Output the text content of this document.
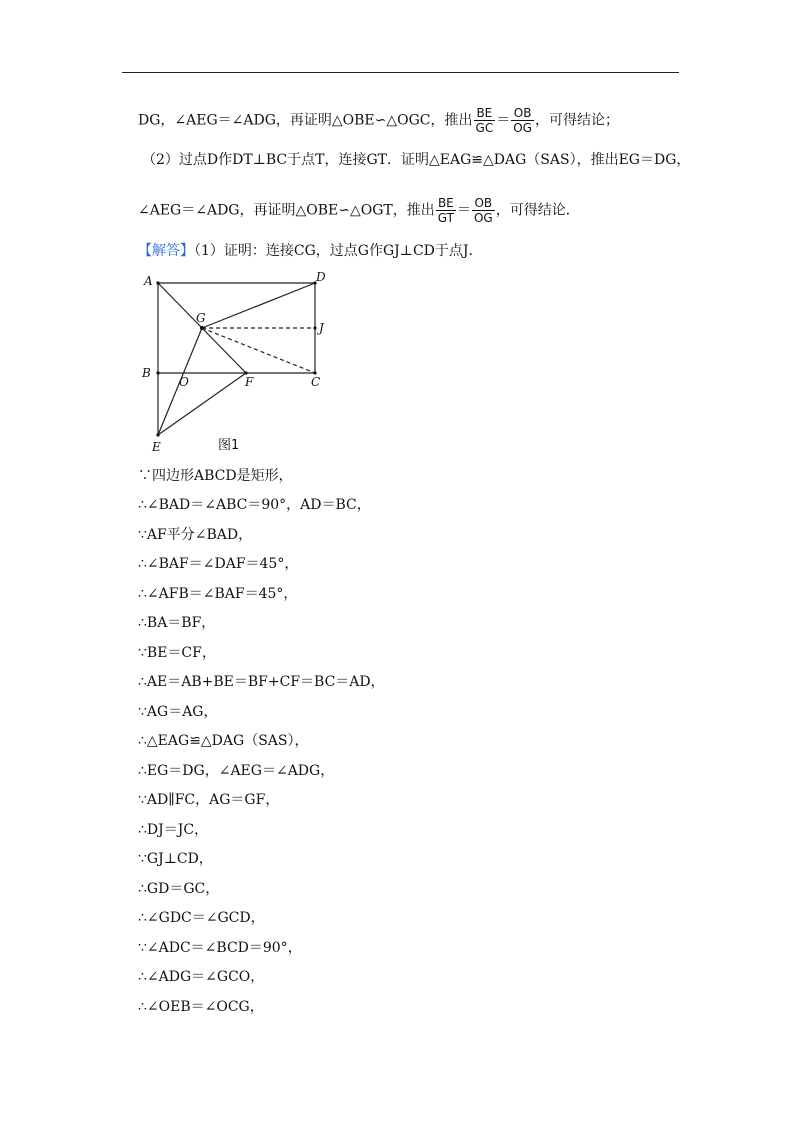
DG，∠AEG＝∠ADG，再证明△OBE∽△OGC，推出 $\frac{BE}{GC} = \frac{OB}{OG}$ ，可得结论；
（2）过点D作DT⊥BC于点T，连接GT．证明△EAG≌△DAG（SAS），推出EG＝DG，
∠AEG＝∠ADG，再证明△OBE∽△OGT，推出 $\frac{BE}{GT} = \frac{OB}{OG}$ ，可得结论．
【解答】（1）证明：连接CG，过点G作GJ⊥CD于点J．
A	D
G
J
B
O	F	C
E	图1
∵四边形ABCD是矩形，
∴∠BAD＝∠ABC＝90°，AD＝BC，
∵AF平分∠BAD，
∴∠BAF＝∠DAF＝45°，
∴∠AFB＝∠BAF＝45°，
∴BA＝BF，
∵BE＝CF，
∴AE＝AB+BE＝BF+CF＝BC＝AD，
∵AG＝AG，
∴△EAG≌△DAG（SAS），
∴EG＝DG，∠AEG＝∠ADG，
∵AD∥FC，AG＝GF，
∴DJ＝JC，
∵GJ⊥CD，
∴GD＝GC，
∴∠GDC＝∠GCD，
∵∠ADC＝∠BCD＝90°，
∴∠ADG＝∠GCO，
∴∠OEB＝∠OCG，
